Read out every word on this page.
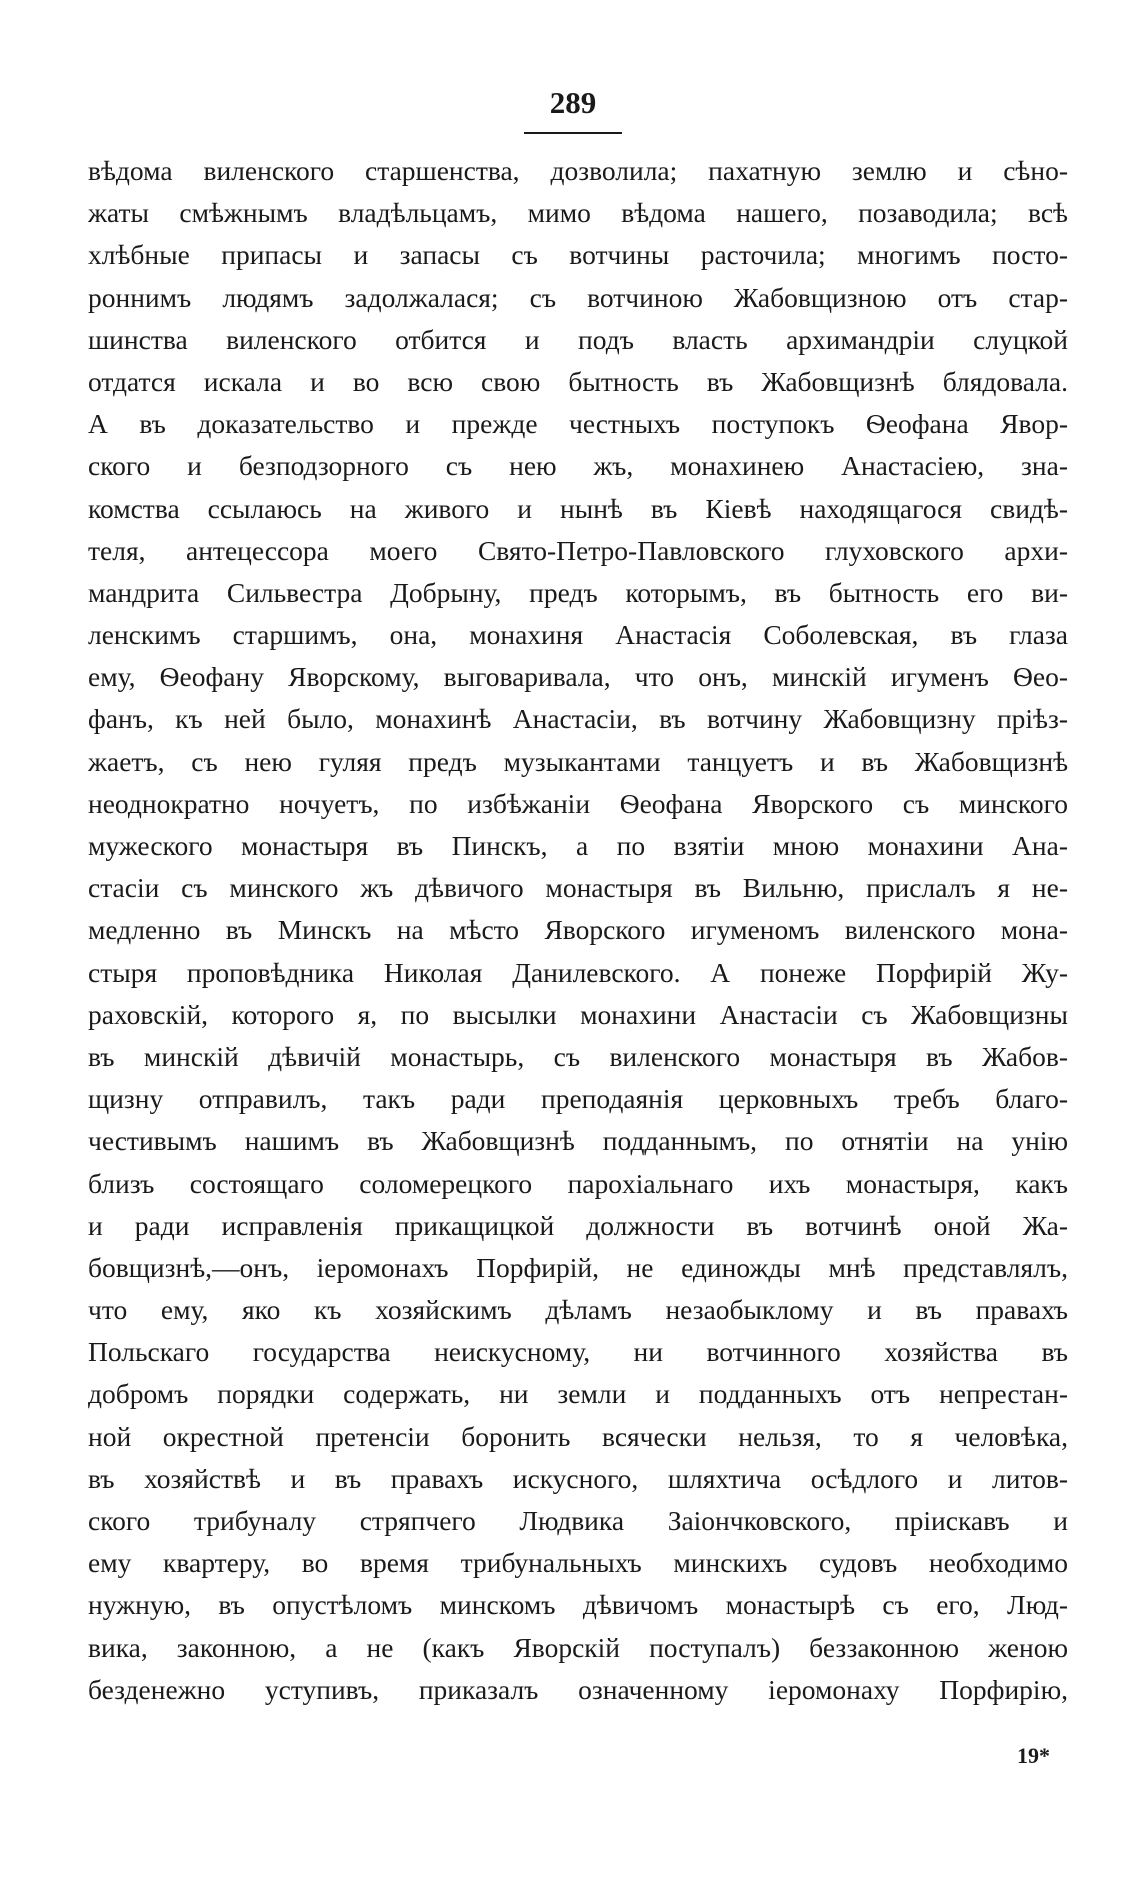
289
вѣдома виленского старшенства, дозволила; пахатную землю и сѣно-
жаты смѣжнымъ владѣльцамъ, мимо вѣдома нашего, позаводила; всѣ
хлѣбные припасы и запасы съ вотчины расточила; многимъ посто-
роннимъ людямъ задолжалася; съ вотчиною Жабовщизною отъ стар-
шинства виленского отбится и подъ власть архимандріи слуцкой
отдатся искала и во всю свою бытность въ Жабовщизнѣ блядовала.
А въ доказательство и прежде честныхъ поступокъ Ѳеофана Явор-
ского и безподзорного съ нею жъ, монахинею Анастасіею, зна-
комства ссылаюсь на живого и нынѣ въ Кіевѣ находящагося свидѣ-
теля, антецессора моего Свято-Петро-Павловского глуховского архи-
мандрита Сильвестра Добрыну, предъ которымъ, въ бытность его ви-
ленскимъ старшимъ, она, монахиня Анастасія Соболевская, въ глаза
ему, Ѳеофану Яворскому, выговаривала, что онъ, минскій игуменъ Ѳео-
фанъ, къ ней было, монахинѣ Анастасіи, въ вотчину Жабовщизну пріѣз-
жаетъ, съ нею гуляя предъ музыкантами танцуетъ и въ Жабовщизнѣ
неоднократно ночуетъ, по избѣжаніи Ѳеофана Яворского съ минского
мужеского монастыря въ Пинскъ, а по взятіи мною монахини Ана-
стасіи съ минского жъ дѣвичого монастыря въ Вильню, прислалъ я не-
медленно въ Минскъ на мѣсто Яворского игуменомъ виленского мона-
стыря проповѣдника Николая Данилевского. А понеже Порфирій Жу-
раховскій, которого я, по высылки монахини Анастасіи съ Жабовщизны
въ минскій дѣвичій монастырь, съ виленского монастыря въ Жабов-
щизну отправилъ, такъ ради преподаянія церковныхъ требъ благо-
честивымъ нашимъ въ Жабовщизнѣ подданнымъ, по отнятіи на унію
близъ состоящаго соломерецкого пароxіальнаго ихъ монастыря, какъ
и ради исправленія прикащицкой должности въ вотчинѣ оной Жа-
бовщизнѣ,—онъ, іеромонахъ Порфирій, не единожды мнѣ представлялъ,
что ему, яко къ хозяйскимъ дѣламъ незаобыклому и въ правахъ
Польскаго государства неискусному, ни вотчинного хозяйства въ
добромъ порядки содержать, ни земли и подданныхъ отъ непрестан-
ной окрестной претенсіи боронить всячески нельзя, то я человѣка,
въ хозяйствѣ и въ правахъ искусного, шляхтича осѣдлого и литов-
ского трибуналу стряпчего Людвика Заіончковского, пріискавъ и
ему квартеру, во время трибунальныхъ минскихъ судовъ необходимо
нужную, въ опустѣломъ минскомъ дѣвичомъ монастырѣ съ его, Люд-
вика, законною, а не (какъ Яворскій поступалъ) беззаконною женою
безденежно уступивъ, приказалъ означенному іеромонаху Порфирію,
19*
